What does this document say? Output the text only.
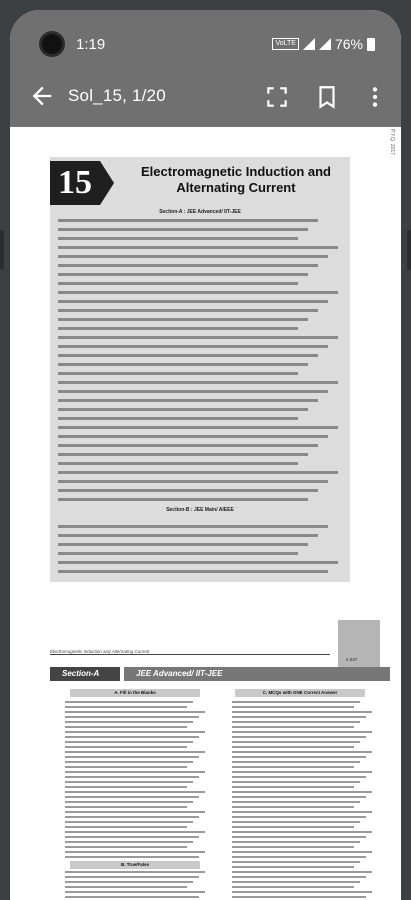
1:19	VoLTE	76%
Sol_15, 1/20
P.Y.Q. 2017
15	Electromagnetic Induction and Alternating Current
Section-A : JEE Advanced/ IIT-JEE
Section-B : JEE Main/ AIEEE
Electromagnetic Induction and Alternating Current
s-247
Section-A	JEE Advanced/ IIT-JEE
A. Fill in the Blanks	C. MCQs with ONE Correct Answer
B. True/False
